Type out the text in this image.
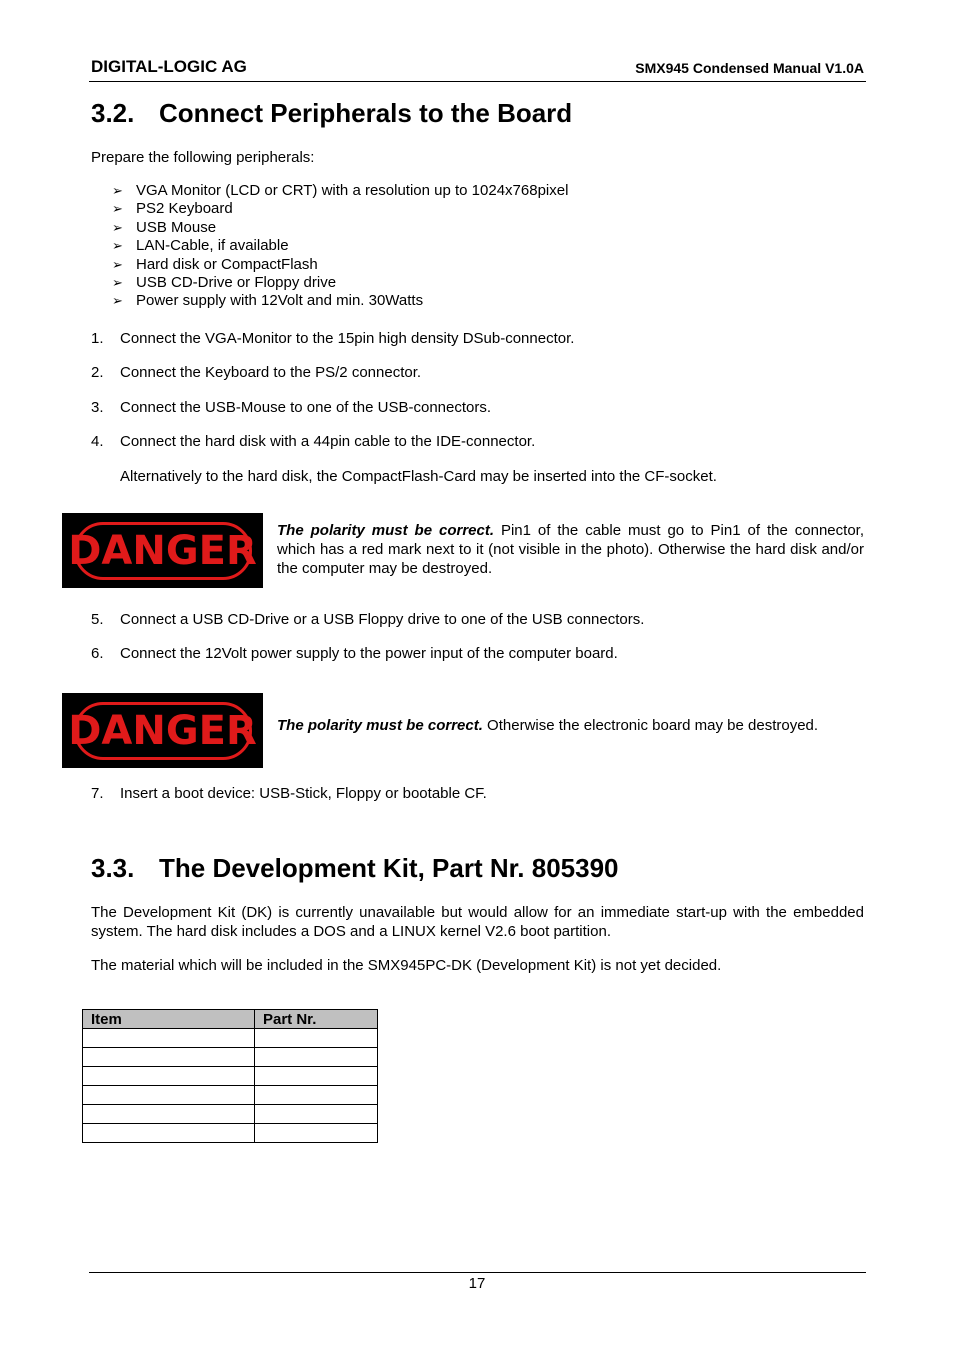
DIGITAL-LOGIC AG	SMX945 Condensed Manual V1.0A
3.2. Connect Peripherals to the Board
Prepare the following peripherals:
➢ VGA Monitor (LCD or CRT) with a resolution up to 1024x768pixel
➢ PS2 Keyboard
➢ USB Mouse
➢ LAN-Cable, if available
➢ Hard disk or CompactFlash
➢ USB CD-Drive or Floppy drive
➢ Power supply with 12Volt and min. 30Watts
1. Connect the VGA-Monitor to the 15pin high density DSub-connector.
2. Connect the Keyboard to the PS/2 connector.
3. Connect the USB-Mouse to one of the USB-connectors.
4. Connect the hard disk with a 44pin cable to the IDE-connector.
Alternatively to the hard disk, the CompactFlash-Card may be inserted into the CF-socket.
DANGER The polarity must be correct. Pin1 of the cable must go to Pin1 of the connector, which has a red mark next to it (not visible in the photo). Otherwise the hard disk and/or the computer may be destroyed.
5. Connect a USB CD-Drive or a USB Floppy drive to one of the USB connectors.
6. Connect the 12Volt power supply to the power input of the computer board.
DANGER The polarity must be correct. Otherwise the electronic board may be destroyed.
7. Insert a boot device: USB-Stick, Floppy or bootable CF.
3.3. The Development Kit, Part Nr. 805390
The Development Kit (DK) is currently unavailable but would allow for an immediate start-up with the embedded system. The hard disk includes a DOS and a LINUX kernel V2.6 boot partition.
The material which will be included in the SMX945PC-DK (Development Kit) is not yet decided.
Item	Part Nr.

17
